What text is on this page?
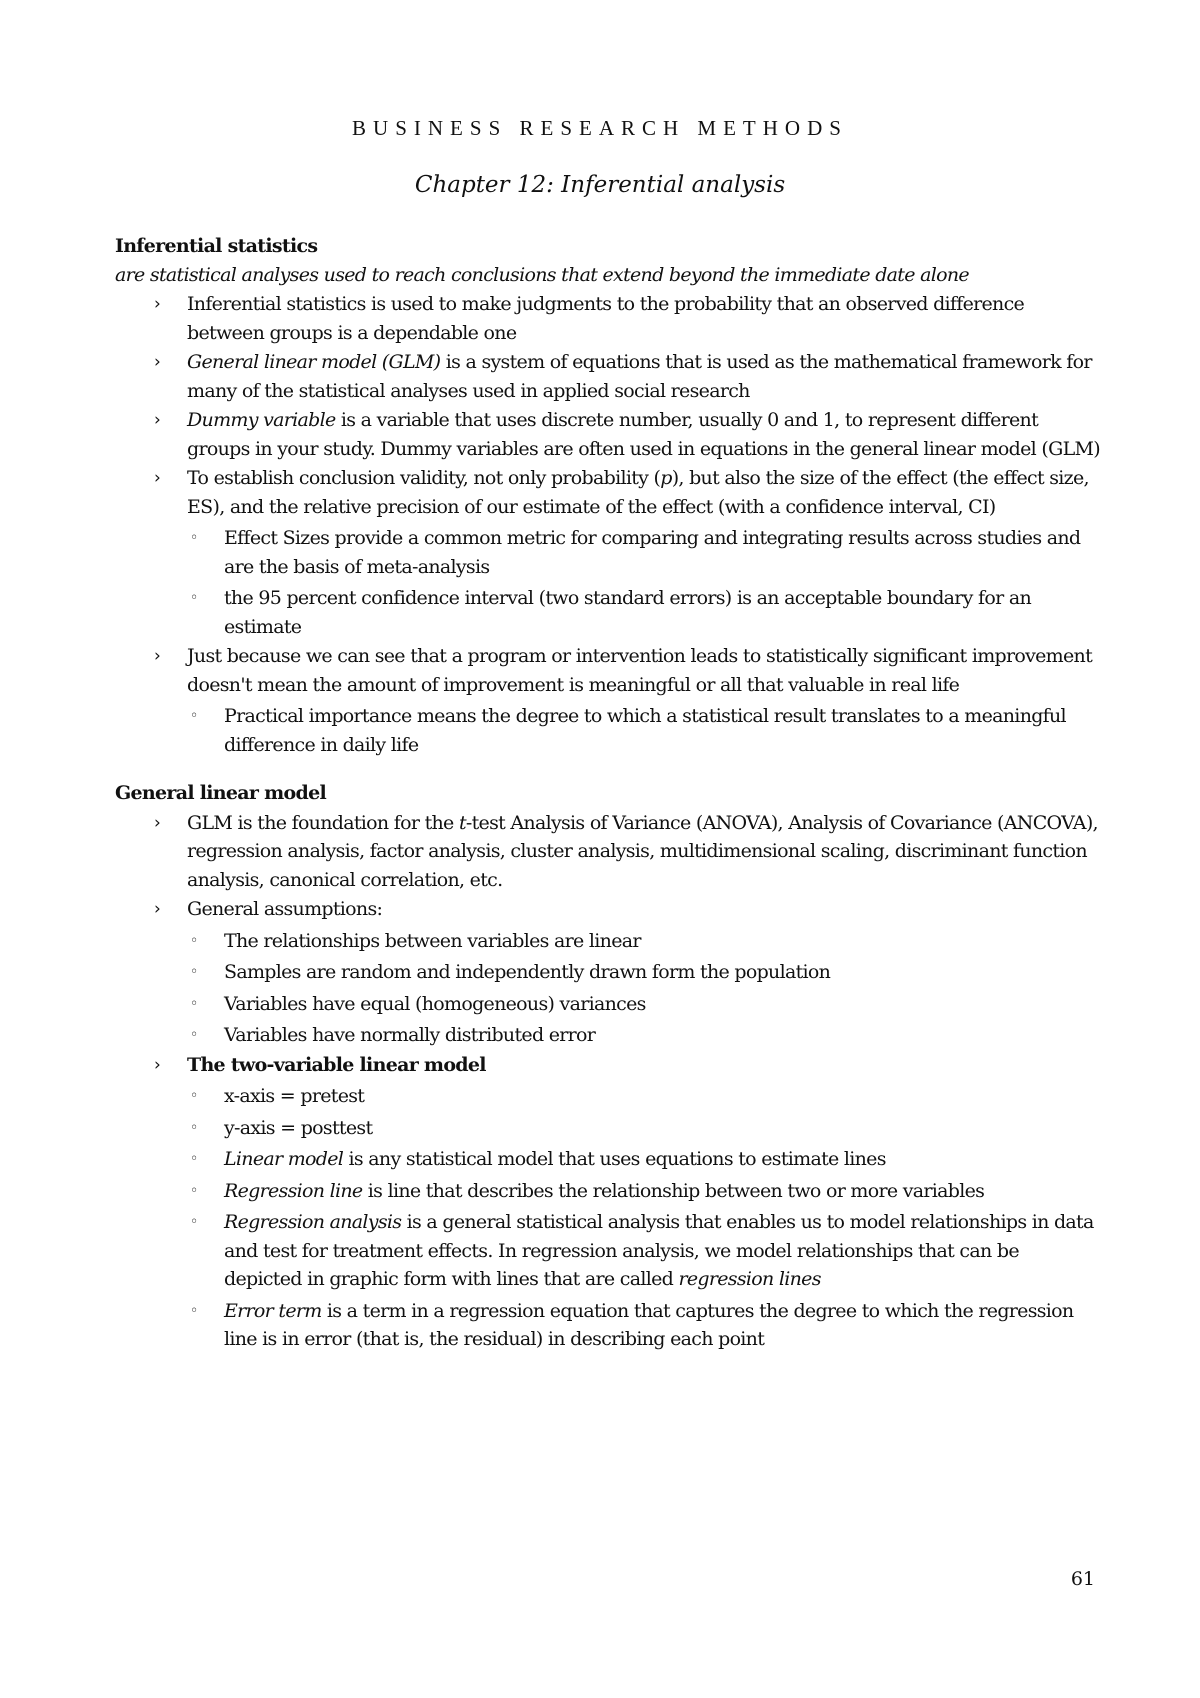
BUSINESS RESEARCH METHODS
Chapter 12: Inferential analysis

Inferential statistics

are statistical analyses used to reach conclusions that extend beyond the immediate date alone

› Inferential statistics is used to make judgments to the probability that an observed difference between groups is a dependable one
› General linear model (GLM) is a system of equations that is used as the mathematical framework for many of the statistical analyses used in applied social research
› Dummy variable is a variable that uses discrete number, usually 0 and 1, to represent different groups in your study. Dummy variables are often used in equations in the general linear model (GLM)
› To establish conclusion validity, not only probability (p), but also the size of the effect (the effect size, ES), and the relative precision of our estimate of the effect (with a confidence interval, CI)
◦ Effect Sizes provide a common metric for comparing and integrating results across studies and are the basis of meta-analysis
◦ the 95 percent confidence interval (two standard errors) is an acceptable boundary for an estimate
› Just because we can see that a program or intervention leads to statistically significant improvement doesn't mean the amount of improvement is meaningful or all that valuable in real life
◦ Practical importance means the degree to which a statistical result translates to a meaningful difference in daily life

General linear model

› GLM is the foundation for the t-test Analysis of Variance (ANOVA), Analysis of Covariance (ANCOVA), regression analysis, factor analysis, cluster analysis, multidimensional scaling, discriminant function analysis, canonical correlation, etc.
› General assumptions:
◦ The relationships between variables are linear
◦ Samples are random and independently drawn form the population
◦ Variables have equal (homogeneous) variances
◦ Variables have normally distributed error
› The two-variable linear model
◦ x-axis = pretest
◦ y-axis = posttest
◦ Linear model is any statistical model that uses equations to estimate lines
◦ Regression line is line that describes the relationship between two or more variables
◦ Regression analysis is a general statistical analysis that enables us to model relationships in data and test for treatment effects. In regression analysis, we model relationships that can be depicted in graphic form with lines that are called regression lines
◦ Error term is a term in a regression equation that captures the degree to which the regression line is in error (that is, the residual) in describing each point
61
